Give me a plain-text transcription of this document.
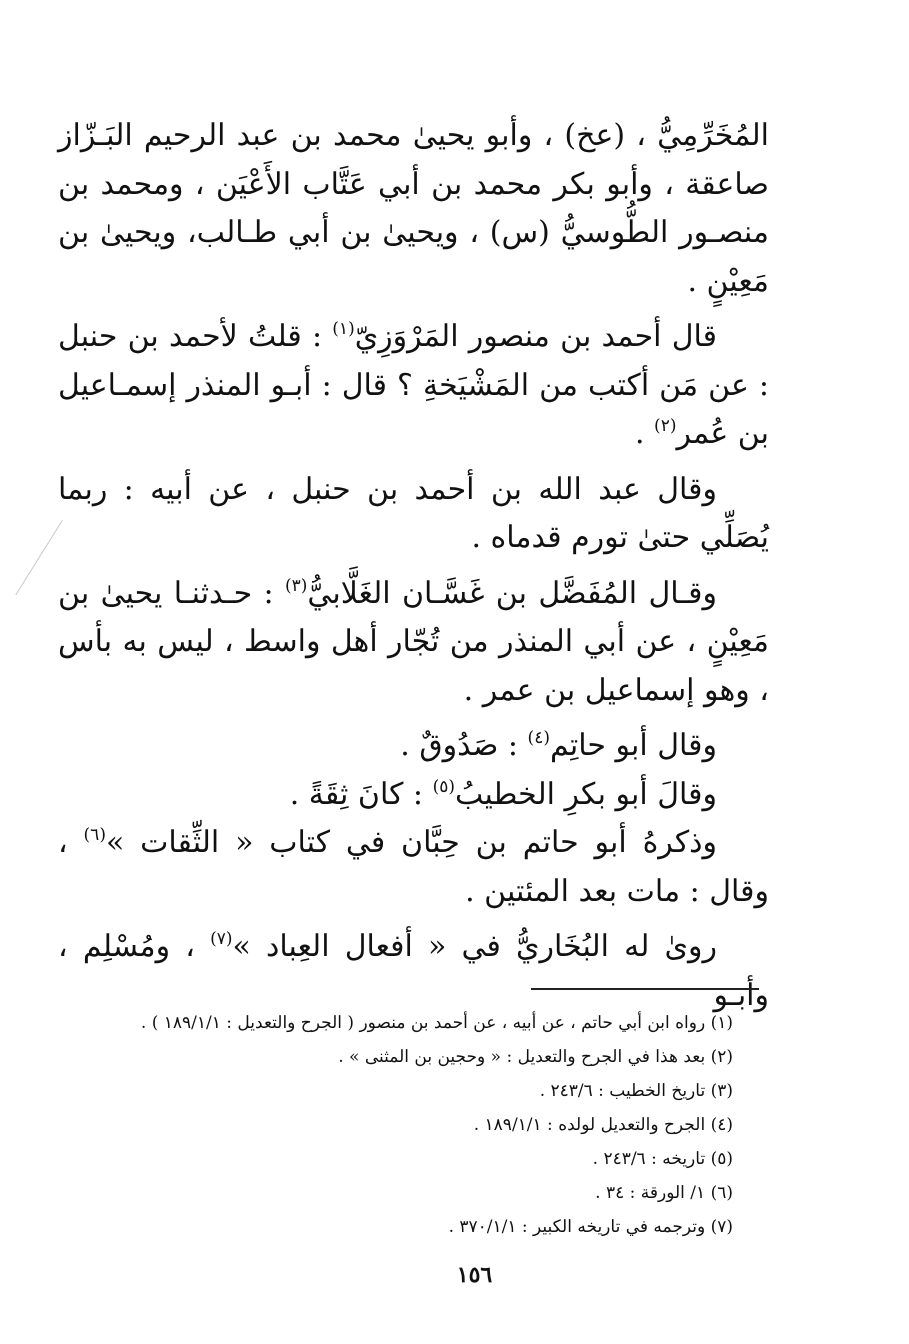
المُخَرِّمِيُّ ، (عخ) ، وأبو يحيىٰ محمد بن عبد الرحيم البَـزّاز صاعقة ، وأبو بكر محمد بن أبي عَتَّاب الأَعْيَن ، ومحمد بن منصـور الطُّوسيُّ (س) ، ويحيىٰ بن أبي طـالب، ويحيىٰ بن مَعِيْنٍ .

قال أحمد بن منصور المَرْوَزِيّ$^{(١)}$ : قلتُ لأحمد بن حنبل : عن مَن أكتب من المَشْيَخةِ ؟ قال : أبـو المنذر إسمـاعيل بن عُمر$^{(٢)}$ .

وقال عبد الله بن أحمد بن حنبل ، عن أبيه : ربما يُصَلِّي حتىٰ تورم قدماه .

وقـال المُفَضَّل بن غَسَّـان الغَلَّابيُّ$^{(٣)}$ : حـدثنـا يحيىٰ بن مَعِيْنٍ ، عن أبي المنذر من تُجّار أهل واسط ، ليس به بأس ، وهو إسماعيل بن عمر .

وقال أبو حاتِم$^{(٤)}$ : صَدُوقٌ .

وقالَ أبو بكرِ الخطيبُ$^{(٥)}$ : كانَ ثِقَةً .

وذكرهُ أبو حاتم بن حِبَّان في كتاب « الثِّقات »$^{(٦)}$ ، وقال : مات بعد المئتين .

روىٰ له البُخَاريُّ في « أفعال العِباد »$^{(٧)}$ ، ومُسْلِم ، وأبـو

(١) رواه ابن أبي حاتم ، عن أبيه ، عن أحمد بن منصور ( الجرح والتعديل : ١٨٩/١/١ ) .
(٢) بعد هذا في الجرح والتعديل : « وحجين بن المثنى » .
(٣) تاريخ الخطيب : ٢٤٣/٦ .
(٤) الجرح والتعديل لولده : ١٨٩/١/١ .
(٥) تاريخه : ٢٤٣/٦ .
(٦) ١/ الورقة : ٣٤ .
(٧) وترجمه في تاريخه الكبير : ٣٧٠/١/١ .
١٥٦
